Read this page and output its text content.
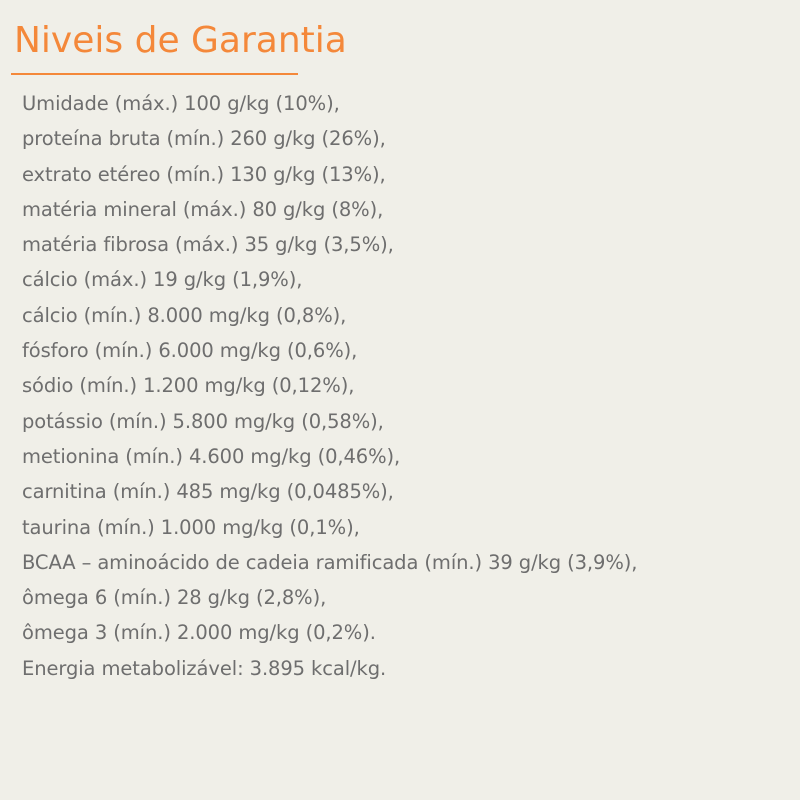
Niveis de Garantia
Umidade (máx.) 100 g/kg (10%),
proteína bruta (mín.) 260 g/kg (26%),
extrato etéreo (mín.) 130 g/kg (13%),
matéria mineral (máx.) 80 g/kg (8%),
matéria fibrosa (máx.) 35 g/kg (3,5%),
cálcio (máx.) 19 g/kg (1,9%),
cálcio (mín.) 8.000 mg/kg (0,8%),
fósforo (mín.) 6.000 mg/kg (0,6%),
sódio (mín.) 1.200 mg/kg (0,12%),
potássio (mín.) 5.800 mg/kg (0,58%),
metionina (mín.) 4.600 mg/kg (0,46%),
carnitina (mín.) 485 mg/kg (0,0485%),
taurina (mín.) 1.000 mg/kg (0,1%),
BCAA – aminoácido de cadeia ramificada (mín.) 39 g/kg (3,9%),
ômega 6 (mín.) 28 g/kg (2,8%),
ômega 3 (mín.) 2.000 mg/kg (0,2%).
Energia metabolizável: 3.895 kcal/kg.
